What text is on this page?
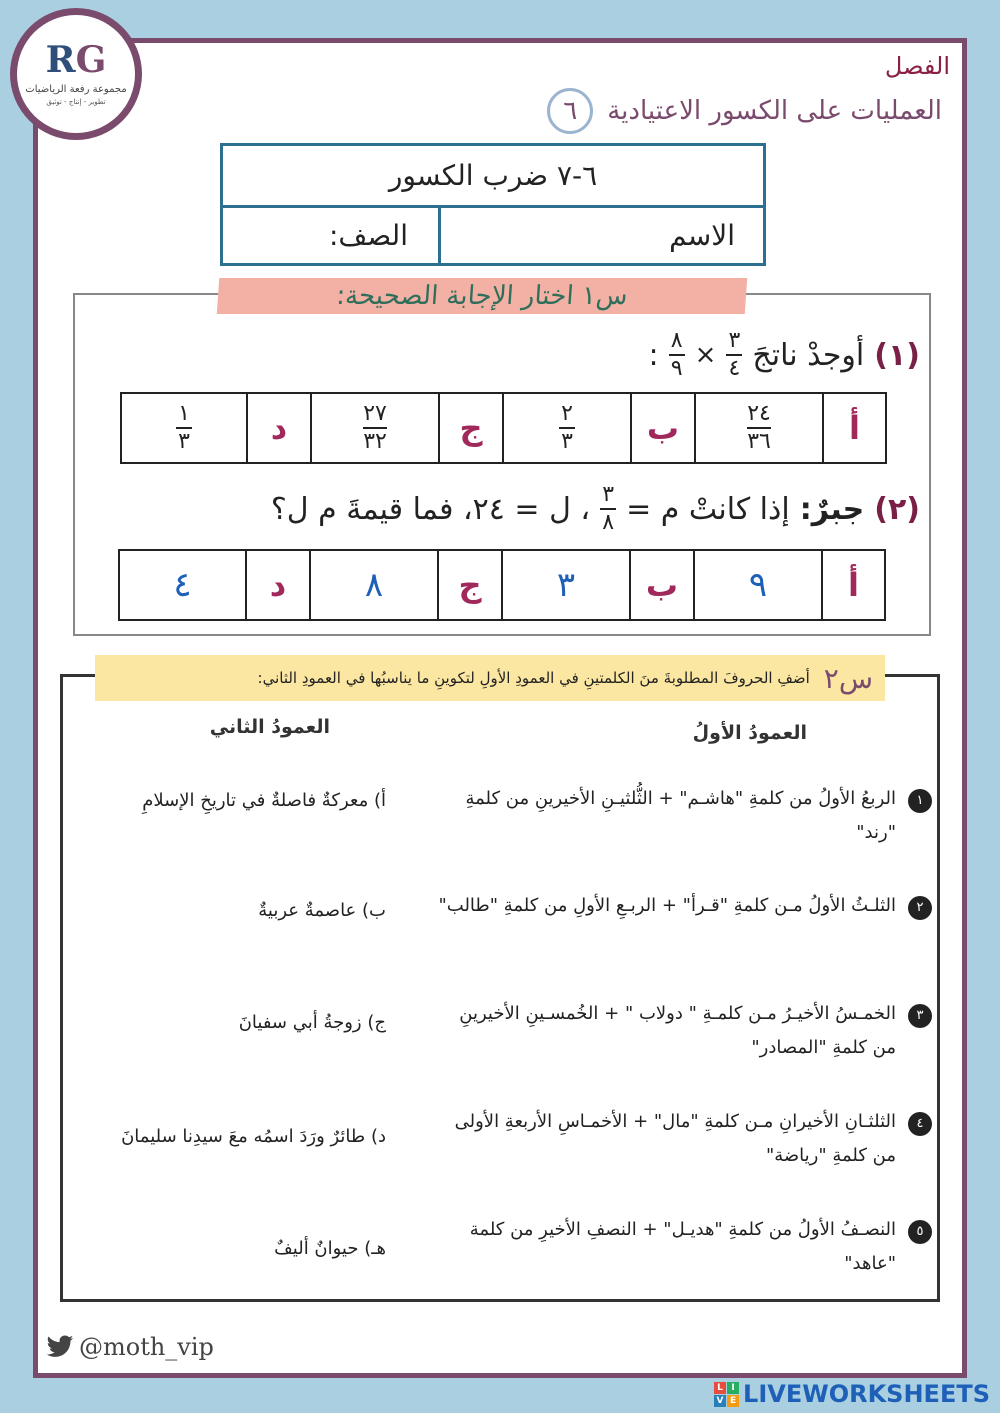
RG
مجموعة رفعة الرياضيات
تطوير - إنتاج - توثيق
الفصل
٦	العمليات على الكسور الاعتيادية
٦-٧ ضرب الكسور
الاسم
الصف:
س١ اختار الإجابة الصحيحة:
(١)
أوجدْ ناتجَ
$\frac{٣}{٤}$
×
$\frac{٨}{٩}$
:
أ
$\frac{٢٤}{٣٦}$
ب
$\frac{٢}{٣}$
ج
$\frac{٢٧}{٣٢}$
د
$\frac{١}{٣}$
(٢)
جبرٌ:
إذا كانتْ م =
$\frac{٣}{٨}$
، ل = ٢٤، فما قيمةَ م ل؟
أ
٩
ب
٣
ج
٨
د
٤
س٢
أضفِ الحروفَ المطلوبةَ منَ الكلمتينِ في العمودِ الأولِ لتكوينِ ما يناسبُها في العمودِ الثاني:
العمودُ الأولُ
العمودُ الثاني
١
الربعُ الأولُ من كلمةِ "هاشـم" + الثُّلثيـنِ الأخيرينِ من كلمةِ "رند"
٢
الثلـثُ الأولُ مـن كلمةِ "قـرأ" + الربـعِ الأولِ من كلمةِ "طالب"
٣
الخمـسُ الأخيـرُ مـن كلمـةِ " دولاب " + الخُمسـينِ الأخيرينِ من كلمةِ "المصادر"
٤
الثلثـانِ الأخيرانِ مـن كلمةِ "مال" + الأخمـاسِ الأربعةِ الأولى من كلمةِ "رياضة"
٥
النصـفُ الأولُ من كلمةِ "هديـل" + النصفِ الأخيرِ من كلمة "عاهد"
أ) معركةٌ فاصلةٌ في تاريخِ الإسلامِ
ب) عاصمةٌ عربيةٌ
ج) زوجةُ أبي سفيانَ
د) طائرٌ ورَدَ اسمُه معَ سيدِنا سليمانَ
هـ) حيوانٌ أليفٌ
@moth_vip
L I
V E LIVEWORKSHEETS
